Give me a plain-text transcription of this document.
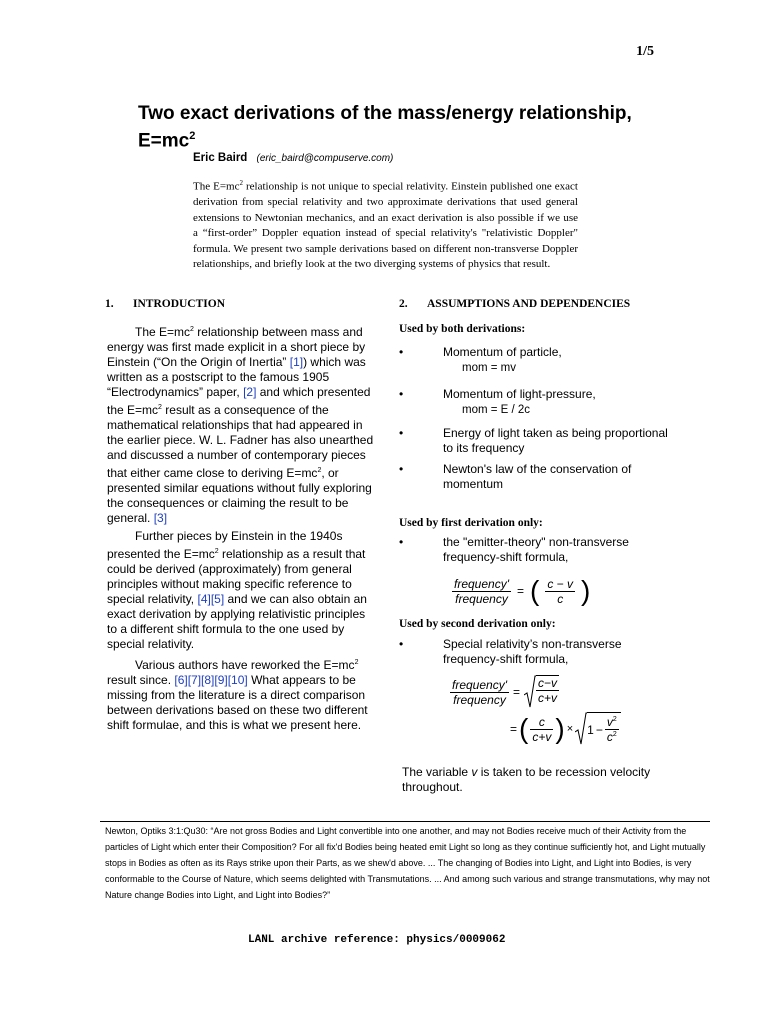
1/5
Two exact derivations of the mass/energy relationship, $E=mc^2$
Eric Baird (eric_baird@compuserve.com)
The $E=mc^2$ relationship is not unique to special relativity. Einstein published one exact derivation from special relativity and two approximate derivations that used general extensions to Newtonian mechanics, and an exact derivation is also possible if we use a “first-order” Doppler equation instead of special relativity's "relativistic Doppler" formula. We present two sample derivations based on different non-transverse Doppler relationships, and briefly look at the two diverging systems of physics that result.
1. INTRODUCTION	2. ASSUMPTIONS AND DEPENDENCIES

The $E=mc^2$ relationship between mass and energy was first made explicit in a short piece by Einstein (“On the Origin of Inertia” [1]) which was written as a postscript to the famous 1905 “Electrodynamics” paper, [2] and which presented the $E=mc^2$ result as a consequence of the mathematical relationships that had appeared in the earlier piece. W. L. Fadner has also unearthed and discussed a number of contemporary pieces that either came close to deriving $E=mc^2$, or presented similar equations without fully exploring the consequences or claiming the result to be general. [3]

Further pieces by Einstein in the 1940s presented the $E=mc^2$ relationship as a result that could be derived (approximately) from general principles without making specific reference to special relativity, [4][5] and we can also obtain an exact derivation by applying relativistic principles to a different shift formula to the one used by special relativity.

Various authors have reworked the $E=mc^2$ result since. [6][7][8][9][10] What appears to be missing from the literature is a direct comparison between derivations based on these two different shift formulae, and this is what we present here.

Used by both derivations:
•	Momentum of particle,
mom = mv
•	Momentum of light-pressure,
mom = E / 2c
•	Energy of light taken as being proportional to its frequency
•	Newton's law of the conservation of momentum
Used by first derivation only:
•	the "emitter-theory" non-transverse frequency-shift formula,
$\frac{\text{frequency'}}{\text{frequency}}$ = ( $\frac{c - v}{c}$ )
Used by second derivation only:
•	Special relativity’s non-transverse frequency-shift formula,
$\frac{\text{frequency'}}{\text{frequency}} = \frac{c-v}{c+v}$
= ( $\frac{c}{c+v}$ ) × $1 - \frac{v^2}{c^2}$
The variable v is taken to be recession velocity throughout.
Newton, Optiks 3:1:Qu30: “Are not gross Bodies and Light convertible into one another, and may not Bodies receive much of their Activity from the particles of Light which enter their Composition? For all fix'd Bodies being heated emit Light so long as they continue sufficiently hot, and Light mutually stops in Bodies as often as its Rays strike upon their Parts, as we shew'd above. ... The changing of Bodies into Light, and Light into Bodies, is very conformable to the Course of Nature, which seems delighted with Transmutations. ... And among such various and strange transmutations, why may not Nature change Bodies into Light, and Light into Bodies?”
LANL archive reference: physics/0009062
